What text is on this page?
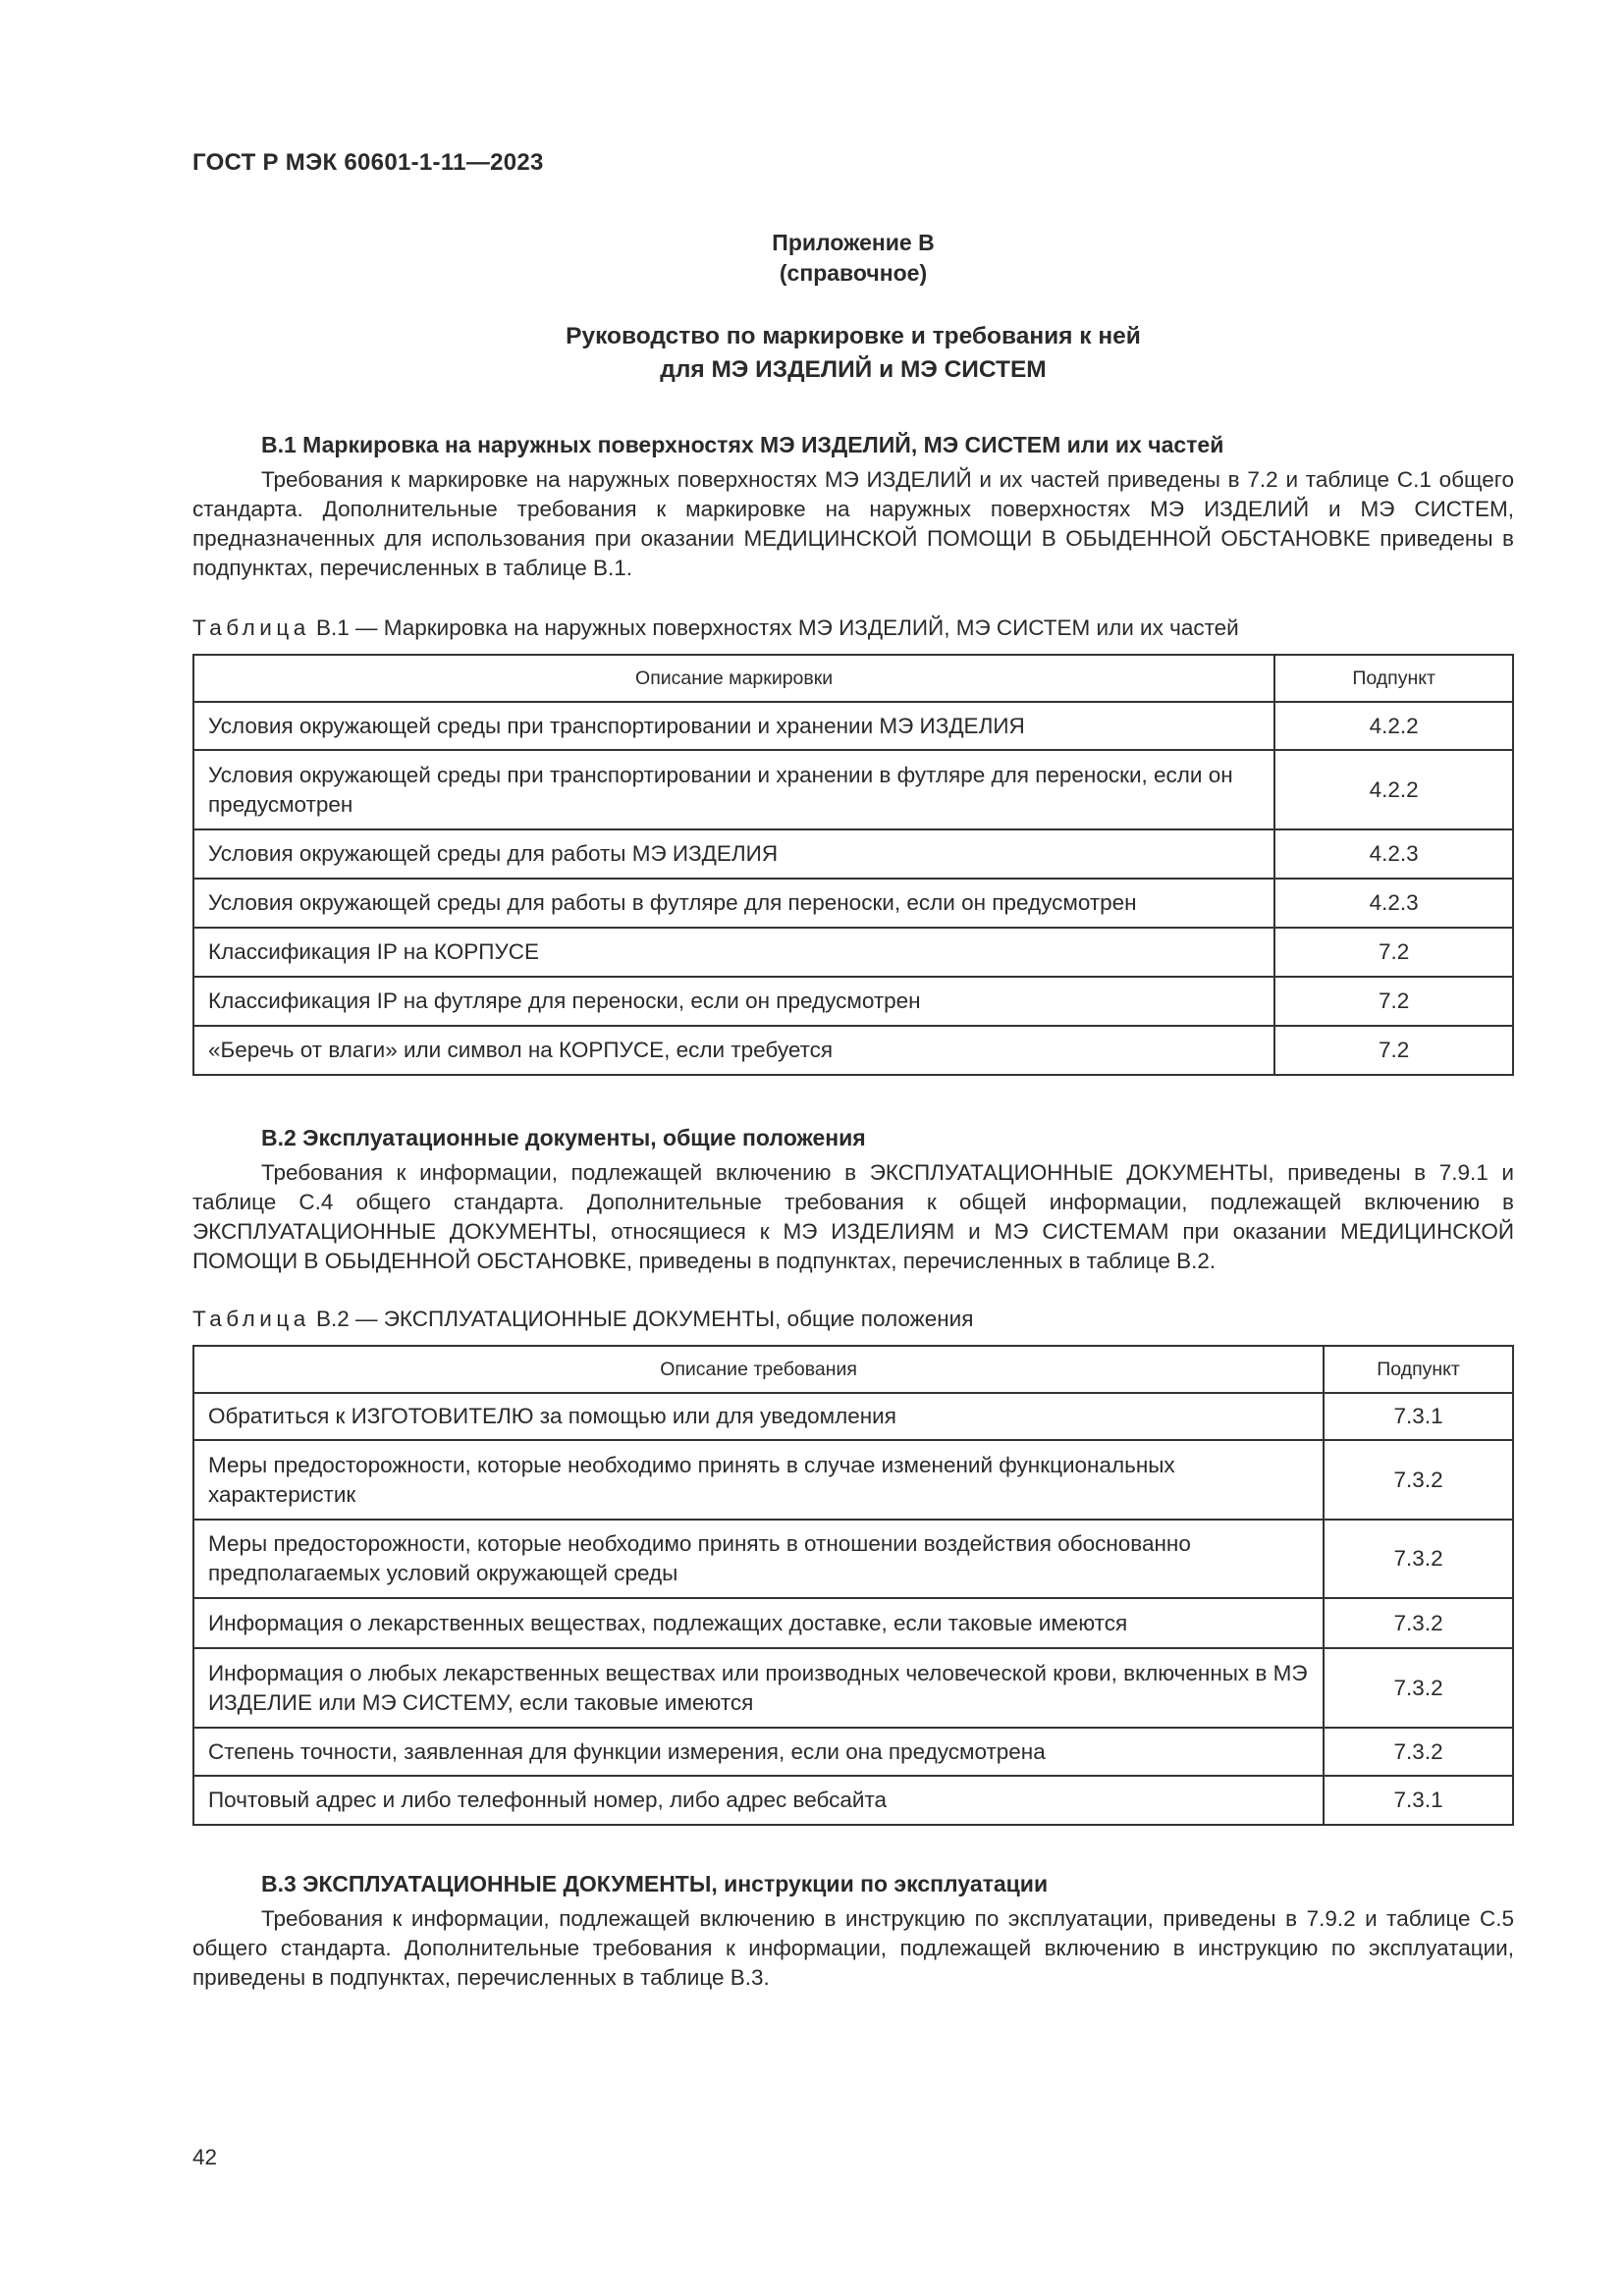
ГОСТ Р МЭК 60601-1-11—2023
Приложение В
(справочное)
Руководство по маркировке и требования к ней
для МЭ ИЗДЕЛИЙ и МЭ СИСТЕМ
В.1 Маркировка на наружных поверхностях МЭ ИЗДЕЛИЙ, МЭ СИСТЕМ или их частей

Требования к маркировке на наружных поверхностях МЭ ИЗДЕЛИЙ и их частей приведены в 7.2 и таблице С.1 общего стандарта. Дополнительные требования к маркировке на наружных поверхностях МЭ ИЗДЕЛИЙ и МЭ СИСТЕМ, предназначенных для использования при оказании МЕДИЦИНСКОЙ ПОМОЩИ В ОБЫДЕННОЙ ОБСТАНОВКЕ приведены в подпунктах, перечисленных в таблице В.1.

Таблица В.1 — Маркировка на наружных поверхностях МЭ ИЗДЕЛИЙ, МЭ СИСТЕМ или их частей
Описание маркировки	Подпункт
Условия окружающей среды при транспортировании и хранении МЭ ИЗДЕЛИЯ	4.2.2
Условия окружающей среды при транспортировании и хранении в футляре для переноски, если он предусмотрен	4.2.2
Условия окружающей среды для работы МЭ ИЗДЕЛИЯ	4.2.3
Условия окружающей среды для работы в футляре для переноски, если он предусмотрен	4.2.3
Классификация IP на КОРПУСЕ	7.2
Классификация IP на футляре для переноски, если он предусмотрен	7.2
«Беречь от влаги» или символ на КОРПУСЕ, если требуется	7.2
В.2 Эксплуатационные документы, общие положения

Требования к информации, подлежащей включению в ЭКСПЛУАТАЦИОННЫЕ ДОКУМЕНТЫ, приведены в 7.9.1 и таблице С.4 общего стандарта. Дополнительные требования к общей информации, подлежащей включению в ЭКСПЛУАТАЦИОННЫЕ ДОКУМЕНТЫ, относящиеся к МЭ ИЗДЕЛИЯМ и МЭ СИСТЕМАМ при оказании МЕДИЦИНСКОЙ ПОМОЩИ В ОБЫДЕННОЙ ОБСТАНОВКЕ, приведены в подпунктах, перечисленных в таблице В.2.

Таблица В.2 — ЭКСПЛУАТАЦИОННЫЕ ДОКУМЕНТЫ, общие положения
Описание требования	Подпункт
Обратиться к ИЗГОТОВИТЕЛЮ за помощью или для уведомления	7.3.1
Меры предосторожности, которые необходимо принять в случае изменений функциональных характеристик	7.3.2
Меры предосторожности, которые необходимо принять в отношении воздействия обоснованно предполагаемых условий окружающей среды	7.3.2
Информация о лекарственных веществах, подлежащих доставке, если таковые имеются	7.3.2
Информация о любых лекарственных веществах или производных человеческой крови, включенных в МЭ ИЗДЕЛИЕ или МЭ СИСТЕМУ, если таковые имеются	7.3.2
Степень точности, заявленная для функции измерения, если она предусмотрена	7.3.2
Почтовый адрес и либо телефонный номер, либо адрес вебсайта	7.3.1
В.3 ЭКСПЛУАТАЦИОННЫЕ ДОКУМЕНТЫ, инструкции по эксплуатации

Требования к информации, подлежащей включению в инструкцию по эксплуатации, приведены в 7.9.2 и таблице С.5 общего стандарта. Дополнительные требования к информации, подлежащей включению в инструкцию по эксплуатации, приведены в подпунктах, перечисленных в таблице В.3.

42
